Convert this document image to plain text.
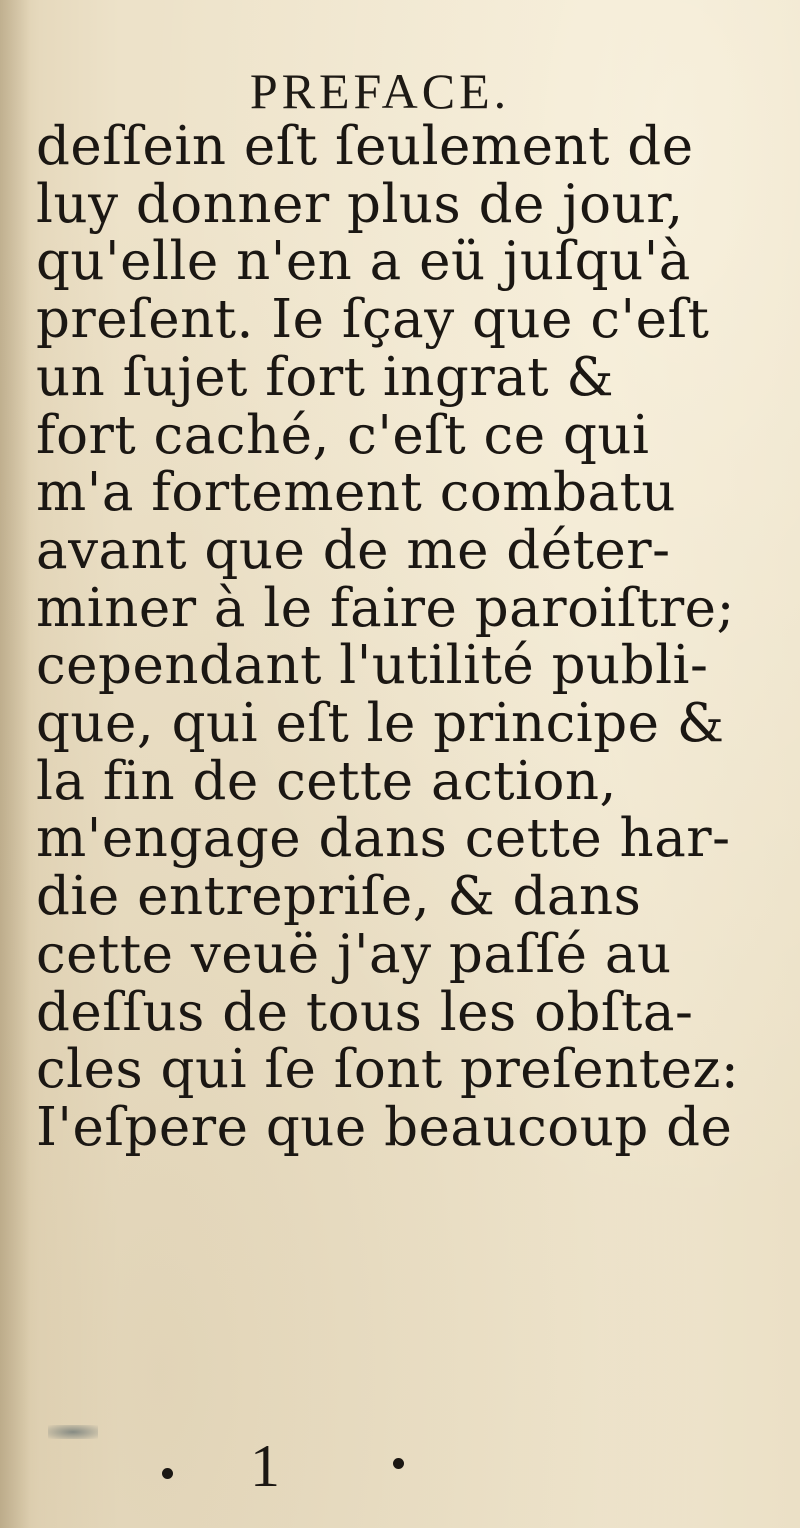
PREFACE.
deſſein eſt ſeulement de
luy donner plus de jour,
qu'elle n'en a eü juſqu'à
preſent. Ie ſçay que c'eſt
un ſujet fort ingrat &
fort caché, c'eſt ce qui
m'a fortement combatu
avant que de me déter-
miner à le faire paroiſtre;
cependant l'utilité publi-
que, qui eſt le principe &
la fin de cette action,
m'engage dans cette har-
die entrepriſe, & dans
cette veuë j'ay paſſé au
deſſus de tous les obſta-
cles qui ſe ſont preſentez:
I'eſpere que beaucoup de
1
